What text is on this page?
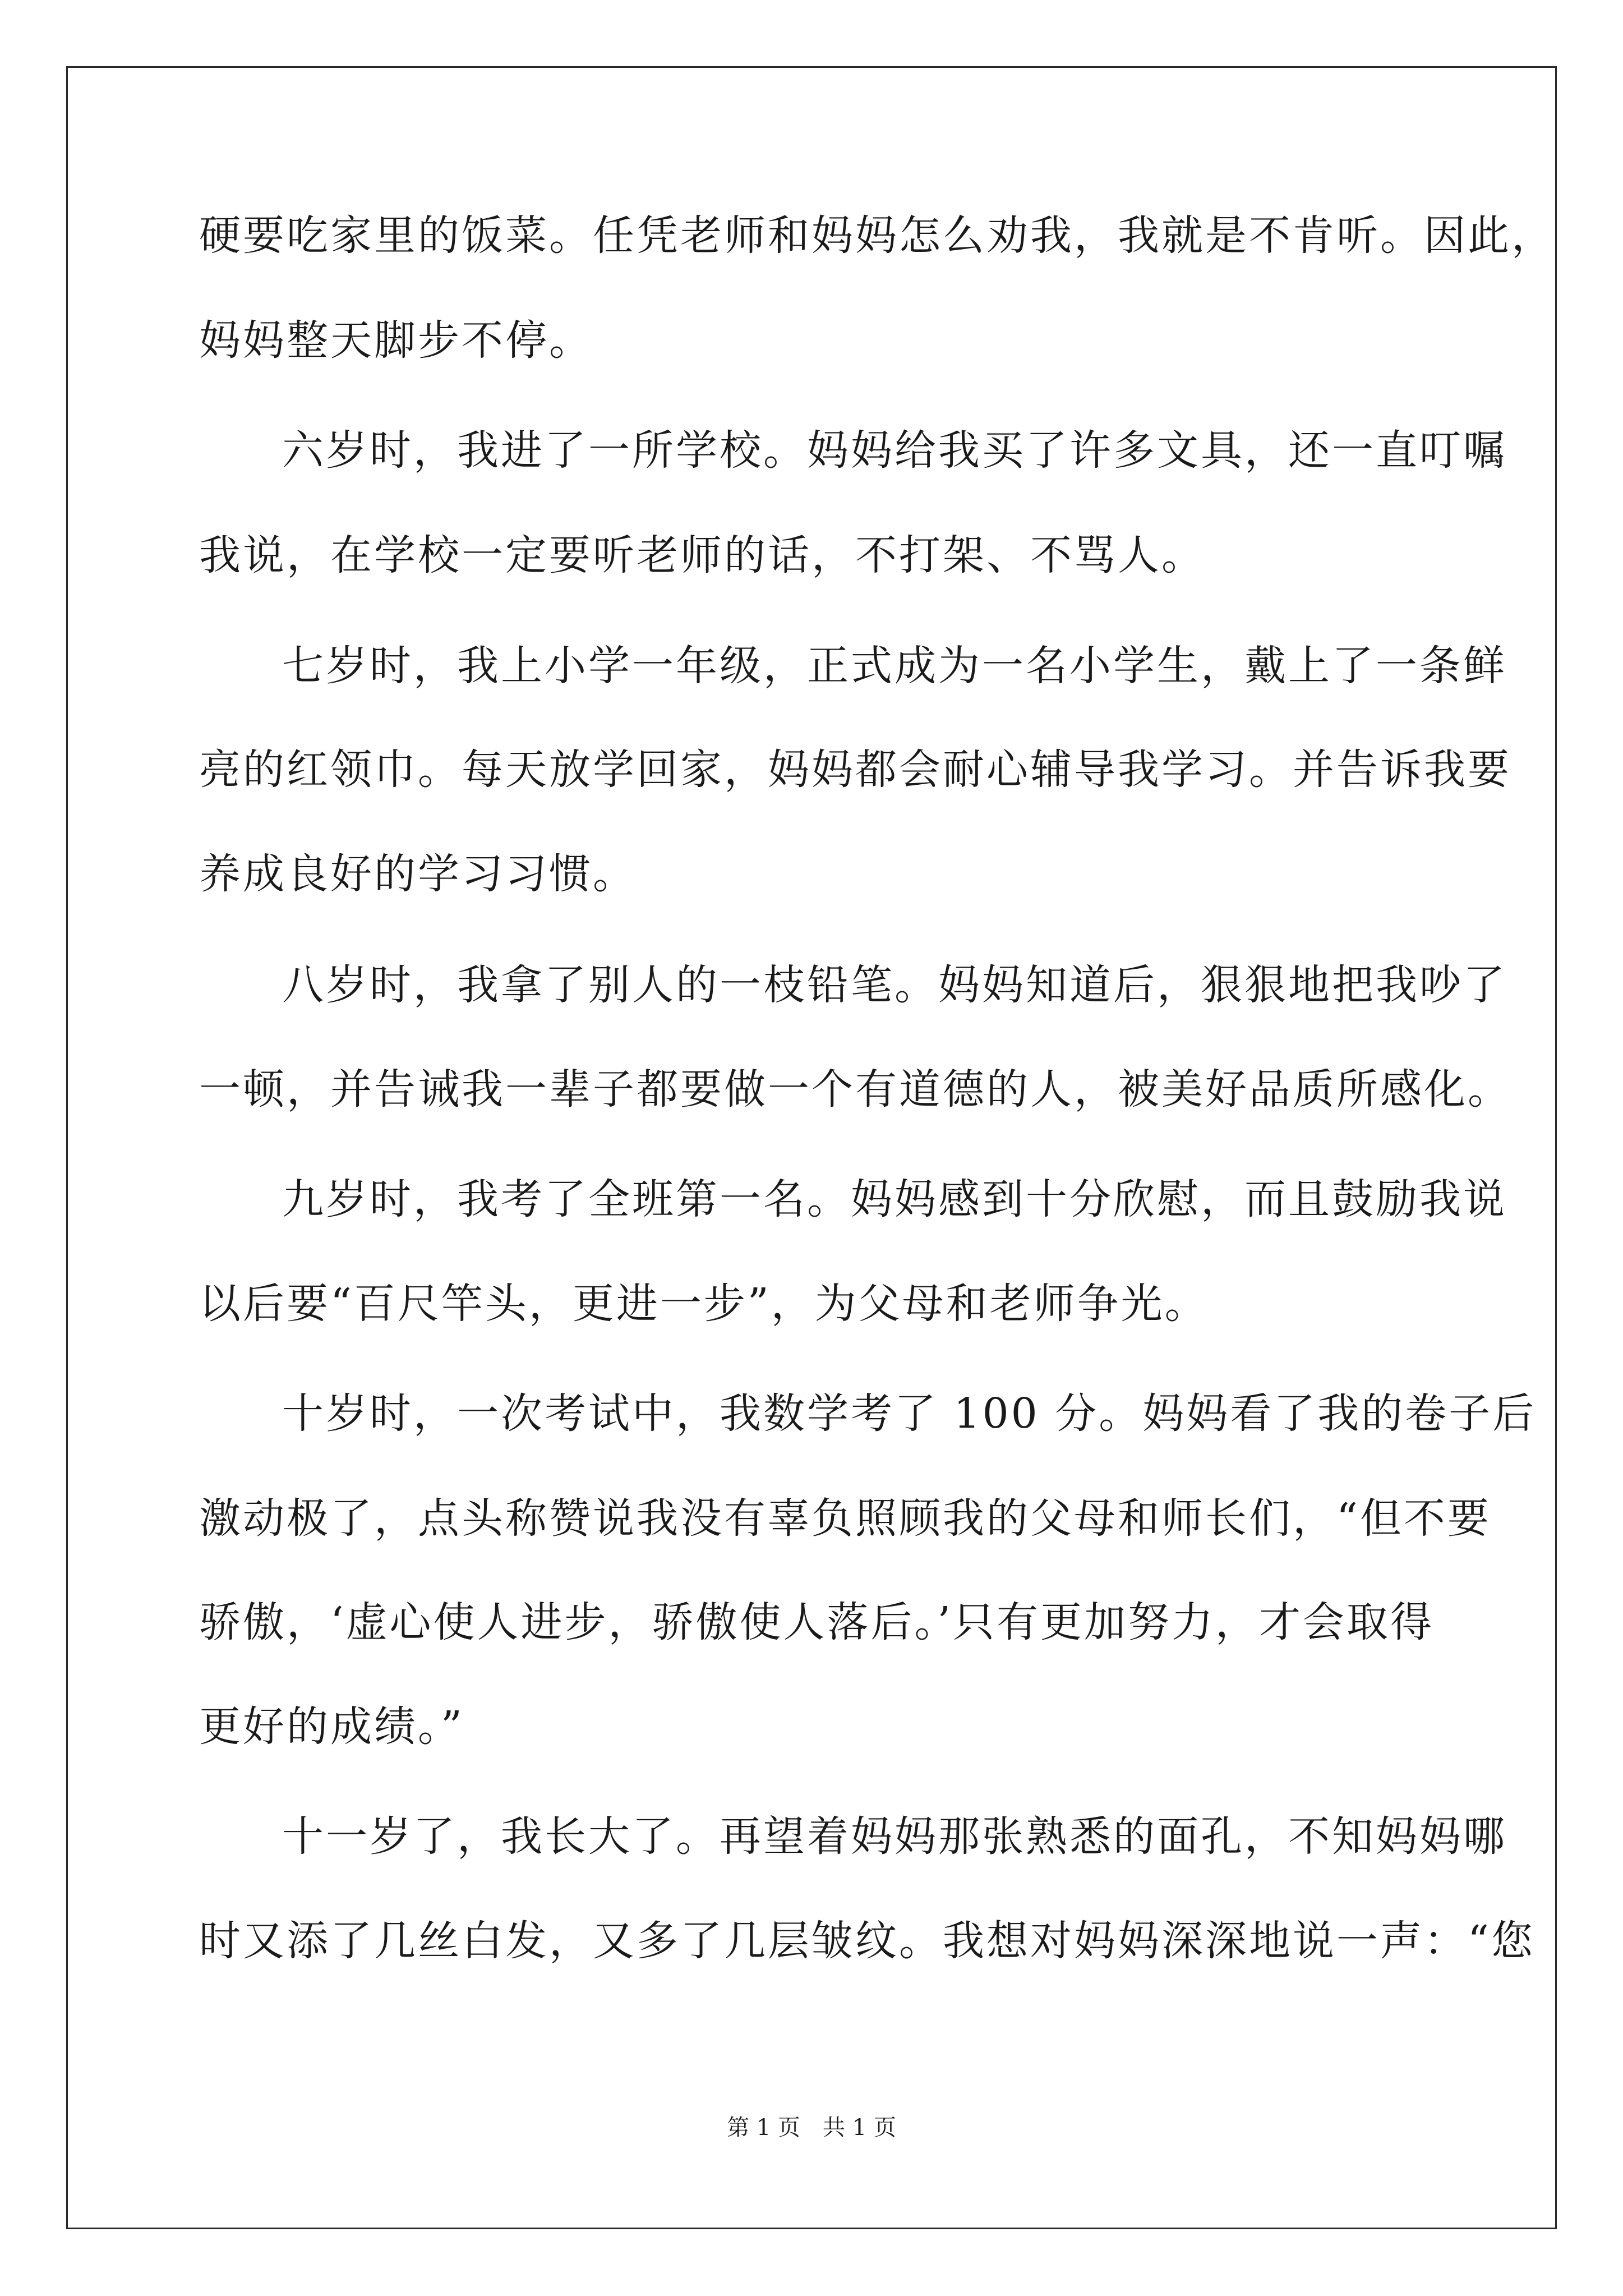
硬要吃家里的饭菜。任凭老师和妈妈怎么劝我，我就是不肯听。因此，
妈妈整天脚步不停。
六岁时，我进了一所学校。妈妈给我买了许多文具，还一直叮嘱
我说，在学校一定要听老师的话，不打架、不骂人。
七岁时，我上小学一年级，正式成为一名小学生，戴上了一条鲜
亮的红领巾。每天放学回家，妈妈都会耐心辅导我学习。并告诉我要
养成良好的学习习惯。
八岁时，我拿了别人的一枝铅笔。妈妈知道后，狠狠地把我吵了
一顿，并告诫我一辈子都要做一个有道德的人，被美好品质所感化。
九岁时，我考了全班第一名。妈妈感到十分欣慰，而且鼓励我说
以后要“百尺竿头，更进一步”，为父母和老师争光。
十岁时，一次考试中，我数学考了 100 分。妈妈看了我的卷子后
激动极了，点头称赞说我没有辜负照顾我的父母和师长们，“但不要
骄傲，‘虚心使人进步，骄傲使人落后。’只有更加努力，才会取得
更好的成绩。”
十一岁了，我长大了。再望着妈妈那张熟悉的面孔，不知妈妈哪
时又添了几丝白发，又多了几层皱纹。我想对妈妈深深地说一声：“您
第 1 页　共 1 页
